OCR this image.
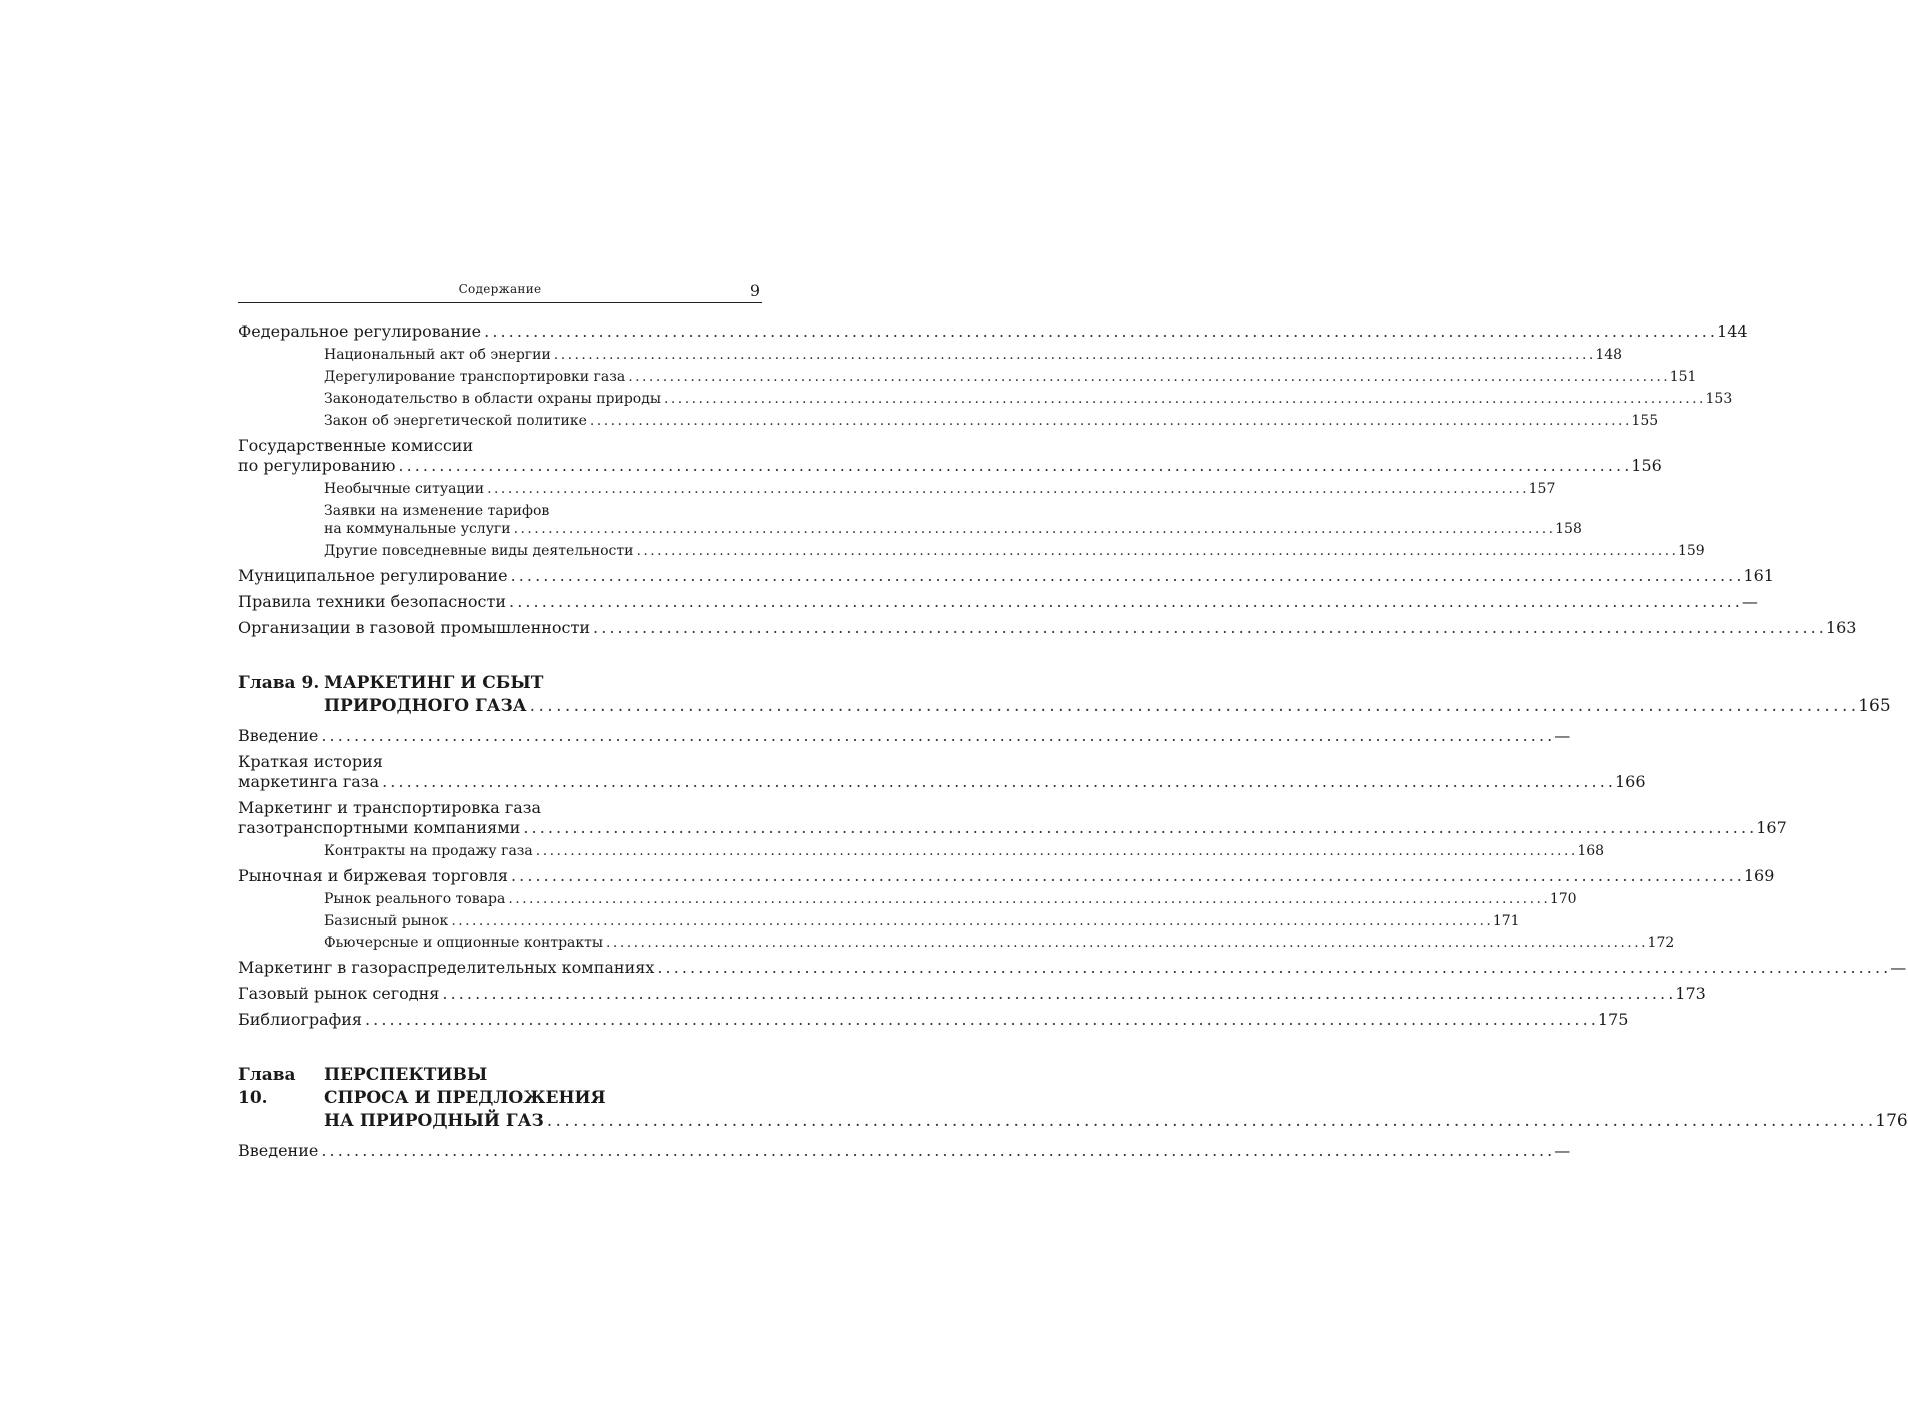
Содержание	9
Федеральное регулирование . . .	144
Национальный акт об энергии . . .	148
Дерегулирование транспортировки газа . . .	151
Законодательство в области охраны природы . . .	153
Закон об энергетической политике . . .	155
Государственные комиссии
по регулированию . . .	156
Необычные ситуации . . .	157
Заявки на изменение тарифов
на коммунальные услуги . . .	158
Другие повседневные виды деятельности . . .	159
Муниципальное регулирование . . .	161
Правила техники безопасности . . .	—
Организации в газовой промышленности . . .	163
Глава 9. МАРКЕТИНГ И СБЫТ
ПРИРОДНОГО ГАЗА . . .	165
Введение . . .	—
Краткая история
маркетинга газа . . .	166
Маркетинг и транспортировка газа
газотранспортными компаниями . . .	167
Контракты на продажу газа . . .	168
Рыночная и биржевая торговля . . .	169
Рынок реального товара . . .	170
Базисный рынок . . .	171
Фьючерсные и опционные контракты . . .	172
Маркетинг в газораспределительных компаниях . . .	—
Газовый рынок сегодня . . .	173
Библиография . . .	175
Глава 10.
ПЕРСПЕКТИВЫ
СПРОСА И ПРЕДЛОЖЕНИЯ
НА ПРИРОДНЫЙ ГАЗ . . .	176
Введение . . .	—
